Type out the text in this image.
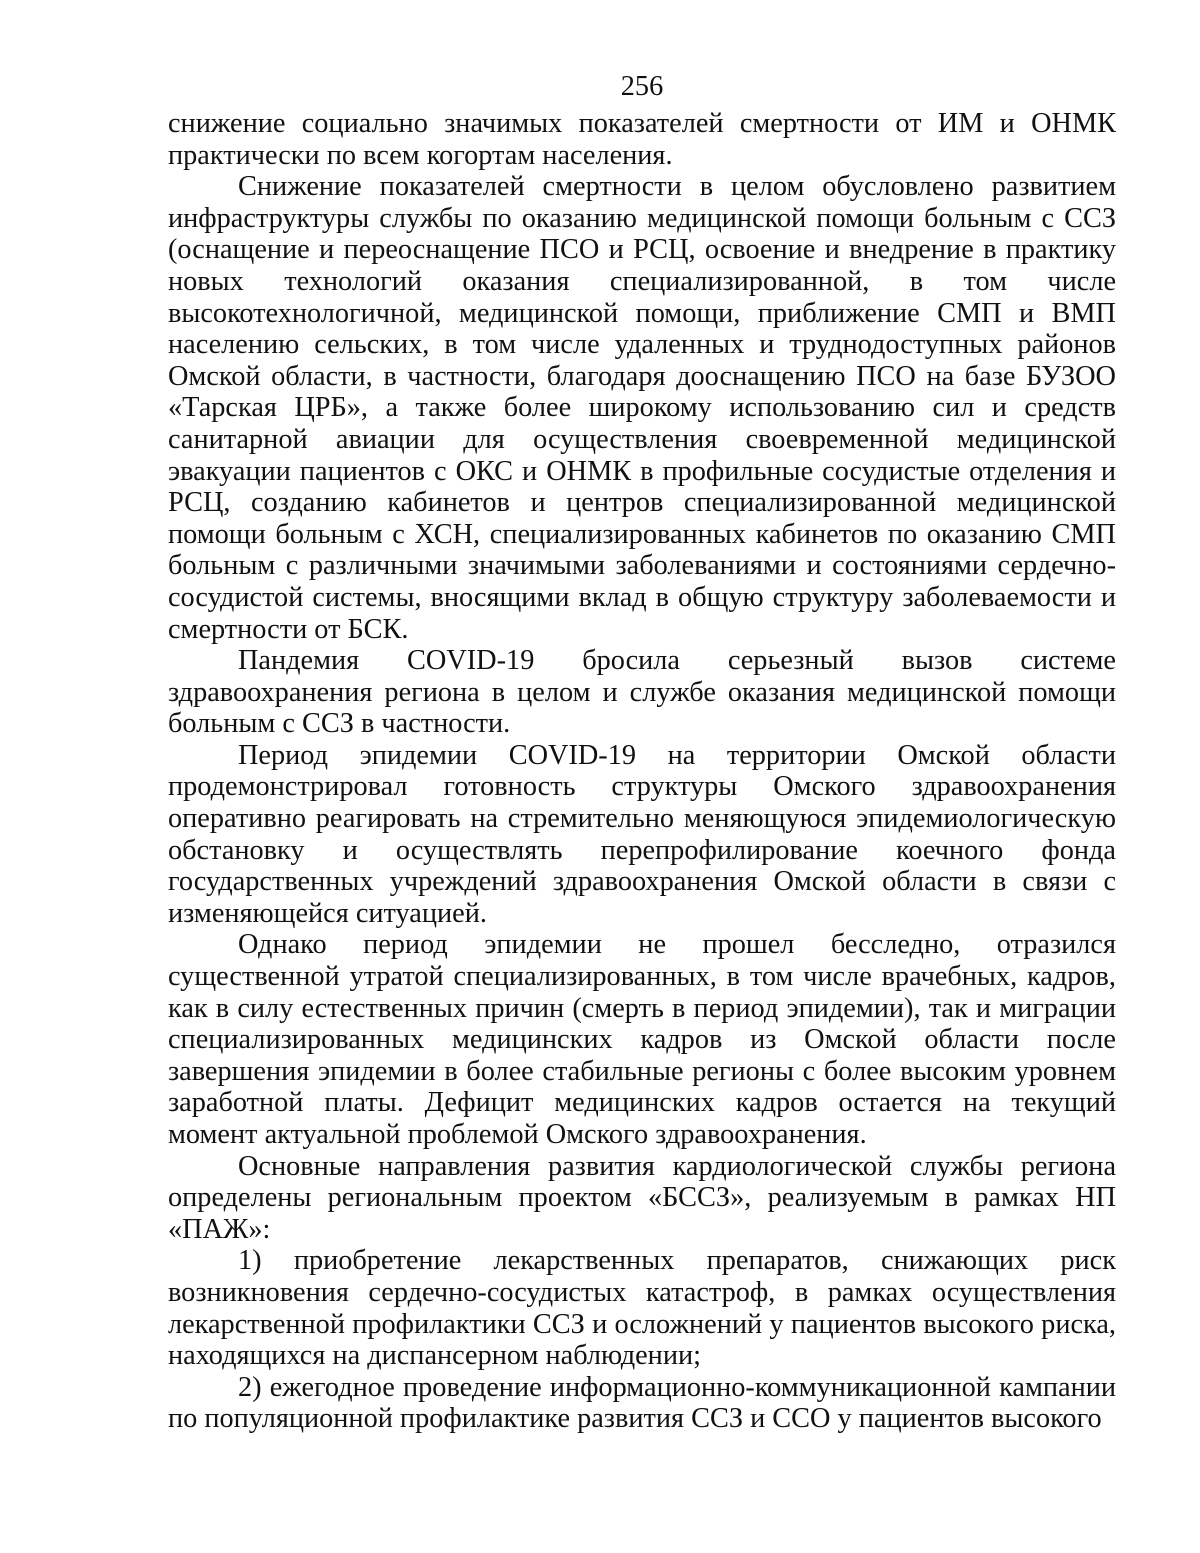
256

снижение социально значимых показателей смертности от ИМ и ОНМК практически по всем когортам населения.

Снижение показателей смертности в целом обусловлено развитием инфраструктуры службы по оказанию медицинской помощи больным с ССЗ (оснащение и переоснащение ПСО и РСЦ, освоение и внедрение в практику новых технологий оказания специализированной, в том числе высокотехнологичной, медицинской помощи, приближение СМП и ВМП населению сельских, в том числе удаленных и труднодоступных районов Омской области, в частности, благодаря дооснащению ПСО на базе БУЗОО «Тарская ЦРБ», а также более широкому использованию сил и средств санитарной авиации для осуществления своевременной медицинской эвакуации пациентов с ОКС и ОНМК в профильные сосудистые отделения и РСЦ, созданию кабинетов и центров специализированной медицинской помощи больным с ХСН, специализированных кабинетов по оказанию СМП больным с различными значимыми заболеваниями и состояниями сердечно-сосудистой системы, вносящими вклад в общую структуру заболеваемости и смертности от БСК.

Пандемия COVID-19 бросила серьезный вызов системе здравоохранения региона в целом и службе оказания медицинской помощи больным с ССЗ в частности.

Период эпидемии COVID-19 на территории Омской области продемонстрировал готовность структуры Омского здравоохранения оперативно реагировать на стремительно меняющуюся эпидемиологическую обстановку и осуществлять перепрофилирование коечного фонда государственных учреждений здравоохранения Омской области в связи с изменяющейся ситуацией.

Однако период эпидемии не прошел бесследно, отразился существенной утратой специализированных, в том числе врачебных, кадров, как в силу естественных причин (смерть в период эпидемии), так и миграции специализированных медицинских кадров из Омской области после завершения эпидемии в более стабильные регионы с более высоким уровнем заработной платы. Дефицит медицинских кадров остается на текущий момент актуальной проблемой Омского здравоохранения.

Основные направления развития кардиологической службы региона определены региональным проектом «БССЗ», реализуемым в рамках НП «ПАЖ»:

1) приобретение лекарственных препаратов, снижающих риск возникновения сердечно-сосудистых катастроф, в рамках осуществления лекарственной профилактики ССЗ и осложнений у пациентов высокого риска, находящихся на диспансерном наблюдении;

2) ежегодное проведение информационно-коммуникационной кампании по популяционной профилактике развития ССЗ и ССО у пациентов высокого
